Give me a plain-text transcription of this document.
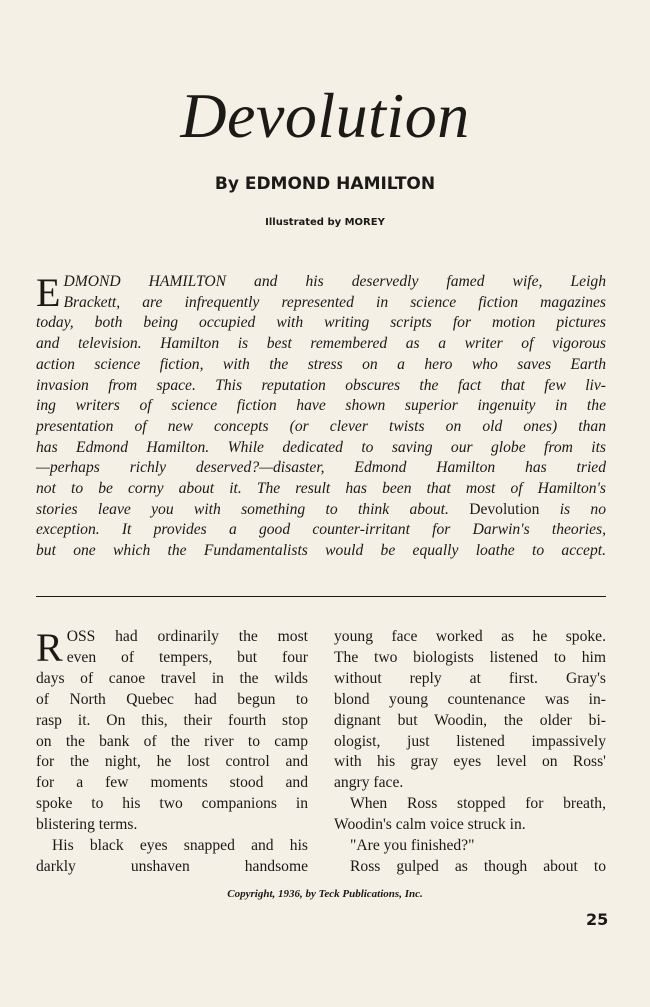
Devolution
By EDMOND HAMILTON
Illustrated by MOREY
E DMOND HAMILTON and his deservedly famed wife, Leigh
Brackett, are infrequently represented in science fiction magazines
today, both being occupied with writing scripts for motion pictures
and television. Hamilton is best remembered as a writer of vigorous
action science fiction, with the stress on a hero who saves Earth
invasion from space. This reputation obscures the fact that few liv-
ing writers of science fiction have shown superior ingenuity in the
presentation of new concepts (or clever twists on old ones) than
has Edmond Hamilton. While dedicated to saving our globe from its
—perhaps richly deserved?—disaster, Edmond Hamilton has tried
not to be corny about it. The result has been that most of Hamilton's
stories leave you with something to think about. Devolution is no
exception. It provides a good counter-irritant for Darwin's theories,
but one which the Fundamentalists would be equally loathe to accept.
R OSS had ordinarily the most
even of tempers, but four
days of canoe travel in the wilds
of North Quebec had begun to
rasp it. On this, their fourth stop
on the bank of the river to camp
for the night, he lost control and
for a few moments stood and
spoke to his two companions in
blistering terms.
His black eyes snapped and his
darkly unshaven handsome
young face worked as he spoke.
The two biologists listened to him
without reply at first. Gray's
blond young countenance was in-
dignant but Woodin, the older bi-
ologist, just listened impassively
with his gray eyes level on Ross'
angry face.
When Ross stopped for breath,
Woodin's calm voice struck in.
"Are you finished?"
Ross gulped as though about to
Copyright, 1936, by Teck Publications, Inc.
25
